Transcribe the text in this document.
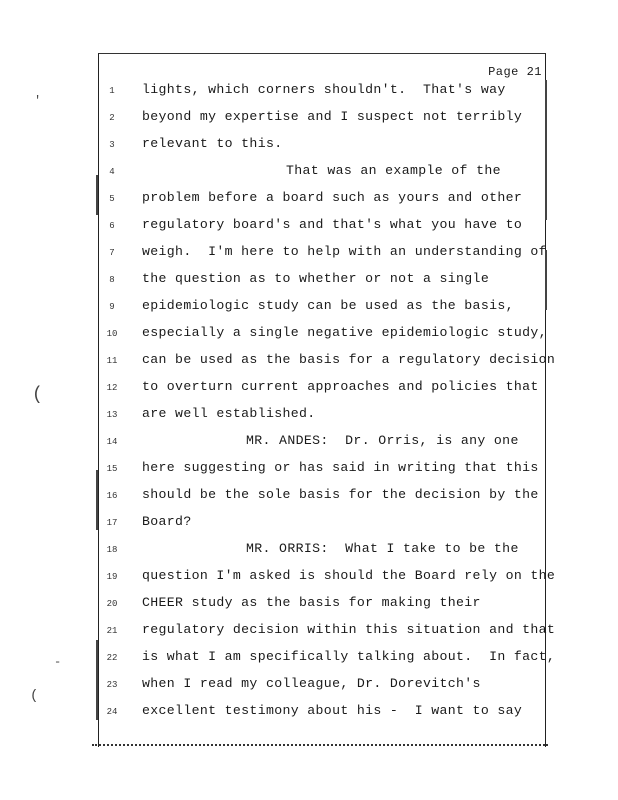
'
(
-
(
Page 21
1	lights, which corners shouldn't.  That's way
2	beyond my expertise and I suspect not terribly
3	relevant to this.
4	That was an example of the
5	problem before a board such as yours and other
6	regulatory board's and that's what you have to
7	weigh.  I'm here to help with an understanding of
8	the question as to whether or not a single
9	epidemiologic study can be used as the basis,
10	especially a single negative epidemiologic study,
11	can be used as the basis for a regulatory decision
12	to overturn current approaches and policies that
13	are well established.
14	MR. ANDES:  Dr. Orris, is any one
15	here suggesting or has said in writing that this
16	should be the sole basis for the decision by the
17	Board?
18	MR. ORRIS:  What I take to be the
19	question I'm asked is should the Board rely on the
20	CHEER study as the basis for making their
21	regulatory decision within this situation and that
22	is what I am specifically talking about.  In fact,
23	when I read my colleague, Dr. Dorevitch's
24	excellent testimony about his -  I want to say
